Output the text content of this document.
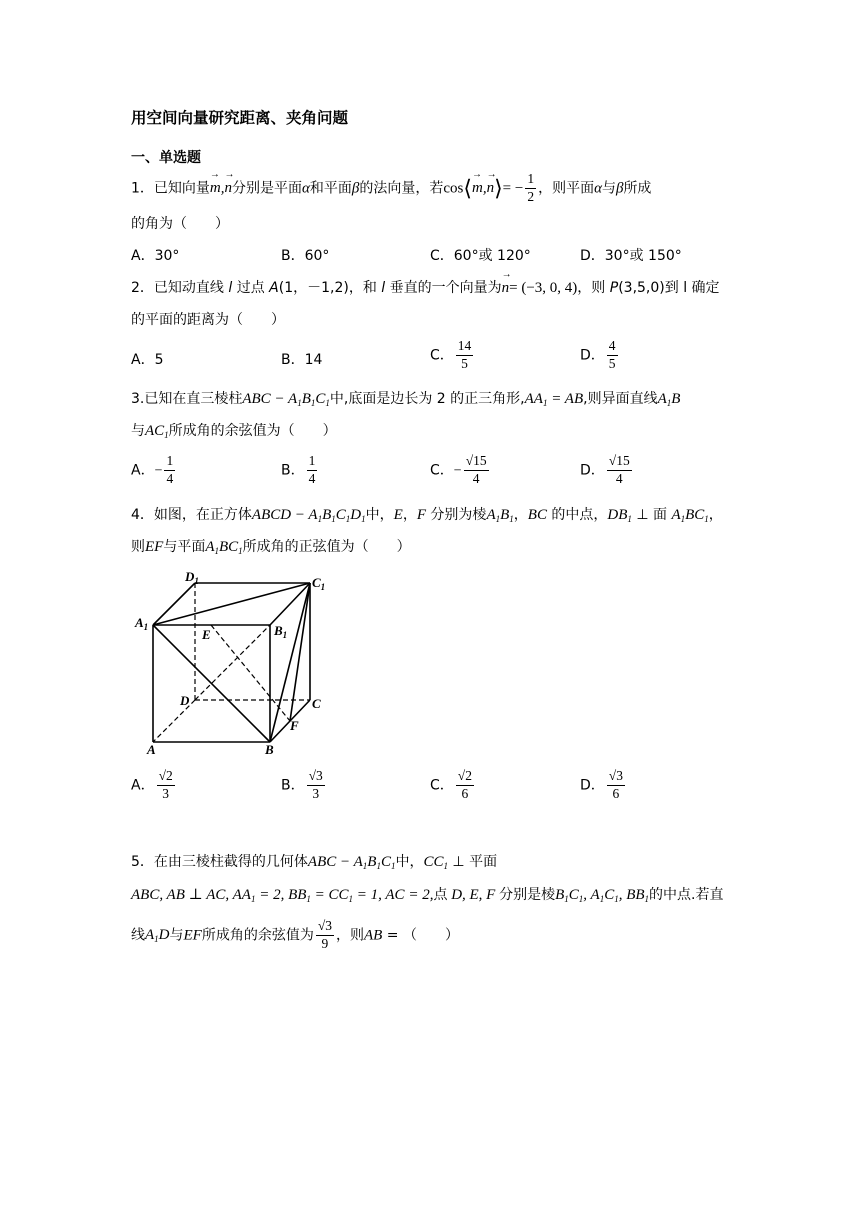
用空间向量研究距离、夹角问题
一、单选题
1．已知向量→ m,→ n分别是平面α和平面β的法向量，若cos⟨→ m,→ n⟩= − $\frac{1}{2}$ ，则平面α与β所成
的角为（　　）
A．30°	B．60°	C．60°或 120°	D．30°或 150°
2．已知动直线 l 过点 A(1，－1,2)，和 l 垂直的一个向量为→ n= (−3, 0, 4)，则 P(3,5,0)到 l 确定
的平面的距离为（　　）
A．5	B．14	C． $\frac{14}{5}$	D． $\frac{4}{5}$
3.已知在直三棱柱ABC − $A_1B_1C_1$中,底面是边长为 2 的正三角形$,AA_1$ = AB,则异面直线$A_1B$
与$AC_1$所成角的余弦值为（　　）
A．− $\frac{1}{4}$	B． $\frac{1}{4}$	C．− $\frac{√15}{4}$	D． $\frac{√15}{4}$
4．如图，在正方体ABCD − $A_1B_1C_1D_1$中，E，F 分别为棱$A_1B_1$，BC 的中点，$DB_1$ ⊥ 面 $A_1BC_1$，
则EF与平面$A_1BC_1$所成角的正弦值为（　　）
$D_1$	$C_1$
$A_1$	$B_1$
E
D	C
F
A	B
A． $\frac{√2}{3}$	B． $\frac{√3}{3}$	C． $\frac{√2}{6}$	D． $\frac{√3}{6}$
5．在由三棱柱截得的几何体ABC − $A_1B_1C_1$中，$CC_1$ ⊥ 平面
ABC, AB ⊥ AC, $AA_1 = 2$, $BB_1 = CC_1 = 1$, AC = 2,点 D, E, F 分别是棱$B_1C_1$, $A_1C_1$, $BB_1$的中点.若直
线$A_1D$与EF所成角的余弦值为 $\frac{√3}{9}$ ，则AB = （　　）
